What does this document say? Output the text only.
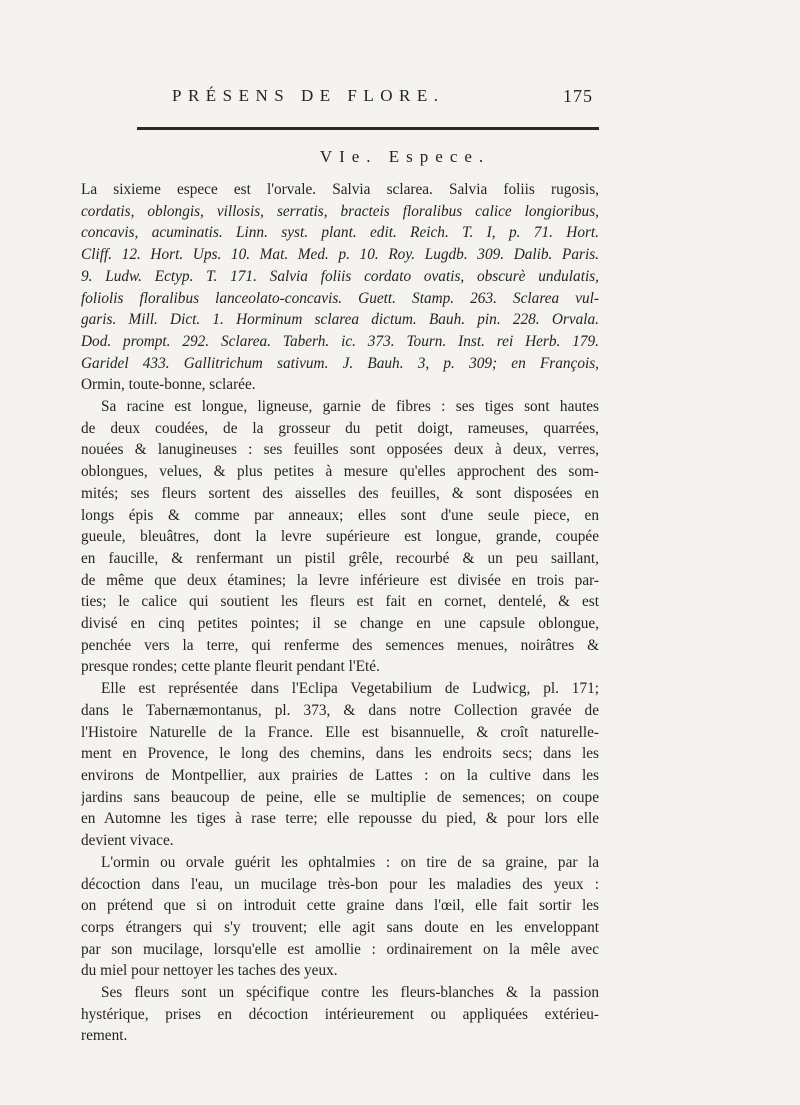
PRÉSENS DE FLORE.	175
VIe. Espece.
La sixieme espece est l'orvale. Salvia sclarea. Salvia foliis rugosis,
cordatis, oblongis, villosis, serratis, bracteis floralibus calice longioribus,
concavis, acuminatis. Linn. syst. plant. edit. Reich. T. I, p. 71. Hort.
Cliff. 12. Hort. Ups. 10. Mat. Med. p. 10. Roy. Lugdb. 309. Dalib. Paris.
9. Ludw. Ectyp. T. 171. Salvia foliis cordato ovatis, obscurè undulatis,
foliolis floralibus lanceolato-concavis. Guett. Stamp. 263. Sclarea vul-
garis. Mill. Dict. 1. Horminum sclarea dictum. Bauh. pin. 228. Orvala.
Dod. prompt. 292. Sclarea. Taberh. ic. 373. Tourn. Inst. rei Herb. 179.
Garidel 433. Gallitrichum sativum. J. Bauh. 3, p. 309; en François,
Ormin, toute-bonne, sclarée.
Sa racine est longue, ligneuse, garnie de fibres : ses tiges sont hautes
de deux coudées, de la grosseur du petit doigt, rameuses, quarrées,
nouées & lanugineuses : ses feuilles sont opposées deux à deux, verres,
oblongues, velues, & plus petites à mesure qu'elles approchent des som-
mités; ses fleurs sortent des aisselles des feuilles, & sont disposées en
longs épis & comme par anneaux; elles sont d'une seule piece, en
gueule, bleuâtres, dont la levre supérieure est longue, grande, coupée
en faucille, & renfermant un pistil grêle, recourbé & un peu saillant,
de même que deux étamines; la levre inférieure est divisée en trois par-
ties; le calice qui soutient les fleurs est fait en cornet, dentelé, & est
divisé en cinq petites pointes; il se change en une capsule oblongue,
penchée vers la terre, qui renferme des semences menues, noirâtres &
presque rondes; cette plante fleurit pendant l'Eté.
Elle est représentée dans l'Eclipa Vegetabilium de Ludwicg, pl. 171;
dans le Tabernæmontanus, pl. 373, & dans notre Collection gravée de
l'Histoire Naturelle de la France. Elle est bisannuelle, & croît naturelle-
ment en Provence, le long des chemins, dans les endroits secs; dans les
environs de Montpellier, aux prairies de Lattes : on la cultive dans les
jardins sans beaucoup de peine, elle se multiplie de semences; on coupe
en Automne les tiges à rase terre; elle repousse du pied, & pour lors elle
devient vivace.
L'ormin ou orvale guérit les ophtalmies : on tire de sa graine, par la
décoction dans l'eau, un mucilage très-bon pour les maladies des yeux :
on prétend que si on introduit cette graine dans l'œil, elle fait sortir les
corps étrangers qui s'y trouvent; elle agit sans doute en les enveloppant
par son mucilage, lorsqu'elle est amollie : ordinairement on la mêle avec
du miel pour nettoyer les taches des yeux.
Ses fleurs sont un spécifique contre les fleurs-blanches & la passion
hystérique, prises en décoction intérieurement ou appliquées extérieu-
rement.
